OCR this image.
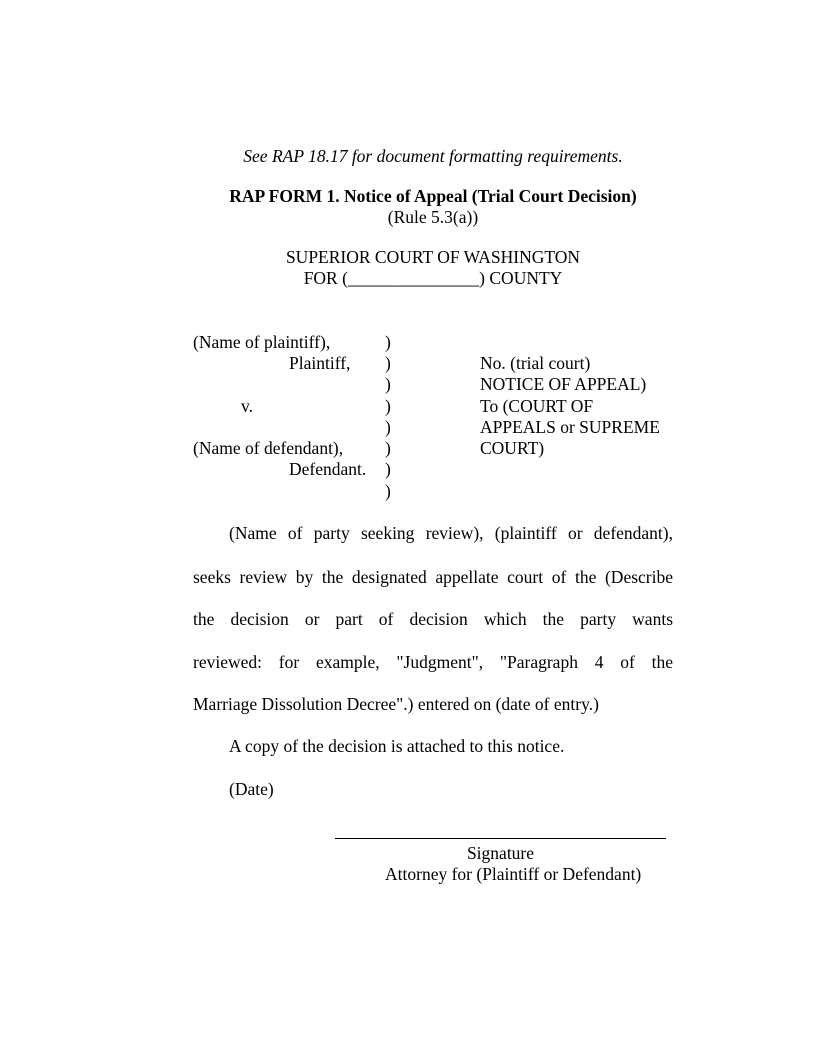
See RAP 18.17 for document formatting requirements.
RAP FORM 1. Notice of Appeal (Trial Court Decision)
(Rule 5.3(a))
SUPERIOR COURT OF WASHINGTON
FOR (_______________) COUNTY
(Name of plaintiff),	)
Plaintiff, )	No. (trial court)
)	NOTICE OF APPEAL)
v.	)	To (COURT OF
)	APPEALS or SUPREME
(Name of defendant), )	COURT)
Defendant. )
)
(Name of party seeking review), (plaintiff or defendant),
seeks review by the designated appellate court of the (Describe
the decision or part of decision which the party wants
reviewed: for example, "Judgment", "Paragraph 4 of the
Marriage Dissolution Decree".) entered on (date of entry.)
A copy of the decision is attached to this notice.
(Date)
Signature
Attorney for (Plaintiff or Defendant)
